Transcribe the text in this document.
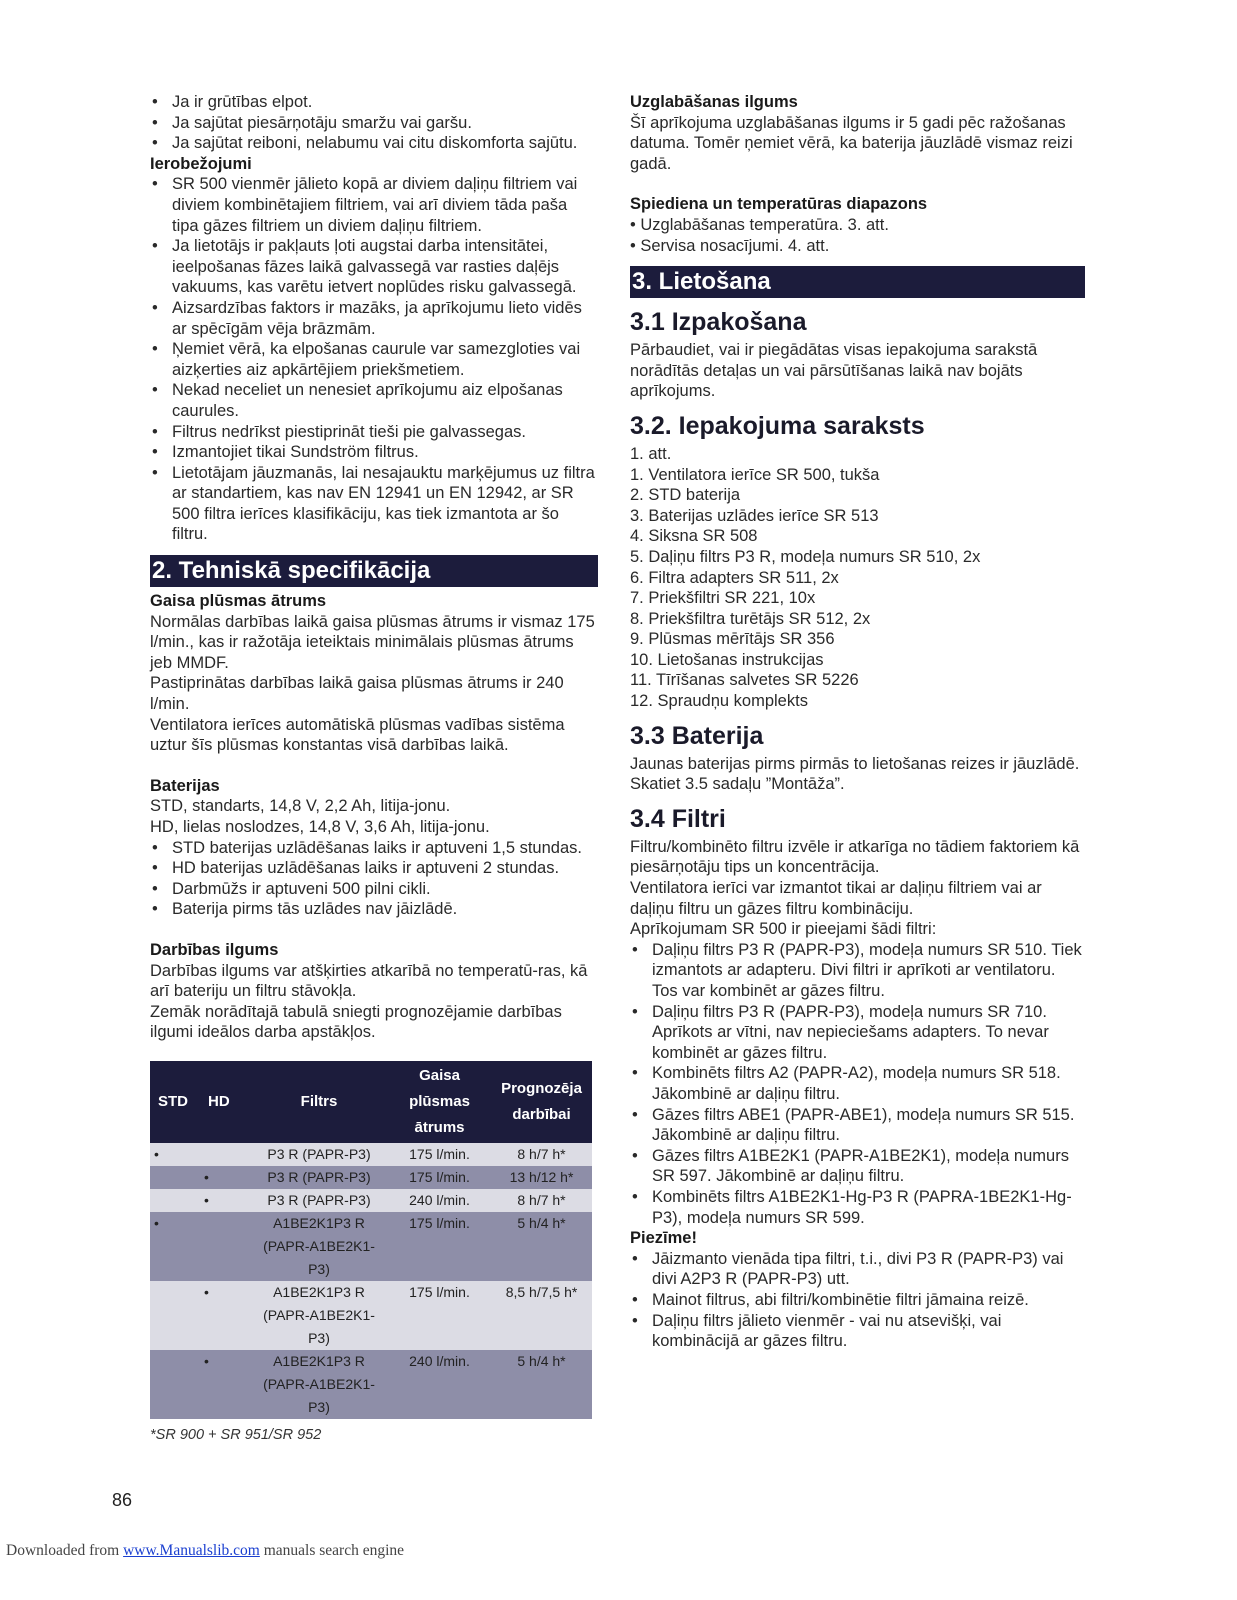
• Ja ir grūtības elpot.
• Ja sajūtat piesārņotāju smaržu vai garšu.
• Ja sajūtat reiboni, nelabumu vai citu diskomforta sajūtu.

Ierobežojumi

• SR 500 vienmēr jālieto kopā ar diviem daļiņu filtriem vai diviem kombinētajiem filtriem, vai arī diviem tāda paša tipa gāzes filtriem un diviem daļiņu filtriem.
• Ja lietotājs ir pakļauts ļoti augstai darba intensitātei, ieelpošanas fāzes laikā galvassegā var rasties daļējs vakuums, kas varētu ietvert noplūdes risku galvassegā.
• Aizsardzības faktors ir mazāks, ja aprīkojumu lieto vidēs ar spēcīgām vēja brāzmām.
• Ņemiet vērā, ka elpošanas caurule var samezgloties vai aizķerties aiz apkārtējiem priekšmetiem.
• Nekad neceliet un nenesiet aprīkojumu aiz elpošanas caurules.
• Filtrus nedrīkst piestiprināt tieši pie galvassegas.
• Izmantojiet tikai Sundström filtrus.
• Lietotājam jāuzmanās, lai nesajauktu marķējumus uz filtra ar standartiem, kas nav EN 12941 un EN 12942, ar SR 500 filtra ierīces klasifikāciju, kas tiek izmantota ar šo filtru.
2. Tehniskā specifikācija

Gaisa plūsmas ātrums

Normālas darbības laikā gaisa plūsmas ātrums ir vismaz 175 l/min., kas ir ražotāja ieteiktais minimālais plūsmas ātrums jeb MMDF.

Pastiprinātas darbības laikā gaisa plūsmas ātrums ir 240 l/min.

Ventilatora ierīces automātiskā plūsmas vadības sistēma uztur šīs plūsmas konstantas visā darbības laikā.

Baterijas

STD, standarts, 14,8 V, 2,2 Ah, litija-jonu.

HD, lielas noslodzes, 14,8 V, 3,6 Ah, litija-jonu.

• STD baterijas uzlādēšanas laiks ir aptuveni 1,5 stundas.
• HD baterijas uzlādēšanas laiks ir aptuveni 2 stundas.
• Darbmūžs ir aptuveni 500 pilni cikli.
• Baterija pirms tās uzlādes nav jāizlādē.

Darbības ilgums

Darbības ilgums var atšķirties atkarībā no temperatū-ras, kā arī bateriju un filtru stāvokļa.

Zemāk norādītajā tabulā sniegti prognozējamie darbības ilgumi ideālos darba apstākļos.

STD	HD	Filtrs	Gaisa plūsmas ātrums	Prognozēja darbībai
•		P3 R (PAPR-P3)	175 l/min.	8 h/7 h*
	•	P3 R (PAPR-P3)	175 l/min.	13 h/12 h*
	•	P3 R (PAPR-P3)	240 l/min.	8 h/7 h*
•		A1BE2K1P3 R (PAPR-A1BE2K1-P3)	175 l/min.	5 h/4 h*
	•	A1BE2K1P3 R (PAPR-A1BE2K1-P3)	175 l/min.	8,5 h/7,5 h*
	•	A1BE2K1P3 R (PAPR-A1BE2K1-P3)	240 l/min.	5 h/4 h*

*SR 900 + SR 951/SR 952

Uzglabāšanas ilgums

Šī aprīkojuma uzglabāšanas ilgums ir 5 gadi pēc ražošanas datuma. Tomēr ņemiet vērā, ka baterija jāuzlādē vismaz reizi gadā.

Spiediena un temperatūras diapazons

• Uzglabāšanas temperatūra. 3. att.
• Servisa nosacījumi. 4. att.
3. Lietošana
3.1 Izpakošana

Pārbaudiet, vai ir piegādātas visas iepakojuma sarakstā norādītās detaļas un vai pārsūtīšanas laikā nav bojāts aprīkojums.

3.2. Iepakojuma saraksts
1. att.
1. Ventilatora ierīce SR 500, tukša
2. STD baterija
3. Baterijas uzlādes ierīce SR 513
4. Siksna SR 508
5. Daļiņu filtrs P3 R, modeļa numurs SR 510, 2x
6. Filtra adapters SR 511, 2x
7. Priekšfiltri SR 221, 10x
8. Priekšfiltra turētājs SR 512, 2x
9. Plūsmas mērītājs SR 356
10. Lietošanas instrukcijas
11. Tīrīšanas salvetes SR 5226
12. Spraudņu komplekts
3.3 Baterija

Jaunas baterijas pirms pirmās to lietošanas reizes ir jāuzlādē. Skatiet 3.5 sadaļu ”Montāža”.

3.4 Filtri

Filtru/kombinēto filtru izvēle ir atkarīga no tādiem faktoriem kā piesārņotāju tips un koncentrācija.

Ventilatora ierīci var izmantot tikai ar daļiņu filtriem vai ar daļiņu filtru un gāzes filtru kombināciju.

Aprīkojumam SR 500 ir pieejami šādi filtri:

• Daļiņu filtrs P3 R (PAPR-P3), modeļa numurs SR 510. Tiek izmantots ar adapteru. Divi filtri ir aprīkoti ar ventilatoru. Tos var kombinēt ar gāzes filtru.
• Daļiņu filtrs P3 R (PAPR-P3), modeļa numurs SR 710. Aprīkots ar vītni, nav nepieciešams adapters. To nevar kombinēt ar gāzes filtru.
• Kombinēts filtrs A2 (PAPR-A2), modeļa numurs SR 518. Jākombinē ar daļiņu filtru.
• Gāzes filtrs ABE1 (PAPR-ABE1), modeļa numurs SR 515. Jākombinē ar daļiņu filtru.
• Gāzes filtrs A1BE2K1 (PAPR-A1BE2K1), modeļa numurs SR 597. Jākombinē ar daļiņu filtru.
• Kombinēts filtrs A1BE2K1-Hg-P3 R (PAPRA-1BE2K1-Hg-P3), modeļa numurs SR 599.

Piezīme!

• Jāizmanto vienāda tipa filtri, t.i., divi P3 R (PAPR-P3) vai divi A2P3 R (PAPR-P3) utt.
• Mainot filtrus, abi filtri/kombinētie filtri jāmaina reizē.
• Daļiņu filtrs jālieto vienmēr - vai nu atsevišķi, vai kombinācijā ar gāzes filtru.
86
Downloaded from www.Manualslib.com manuals search engine
